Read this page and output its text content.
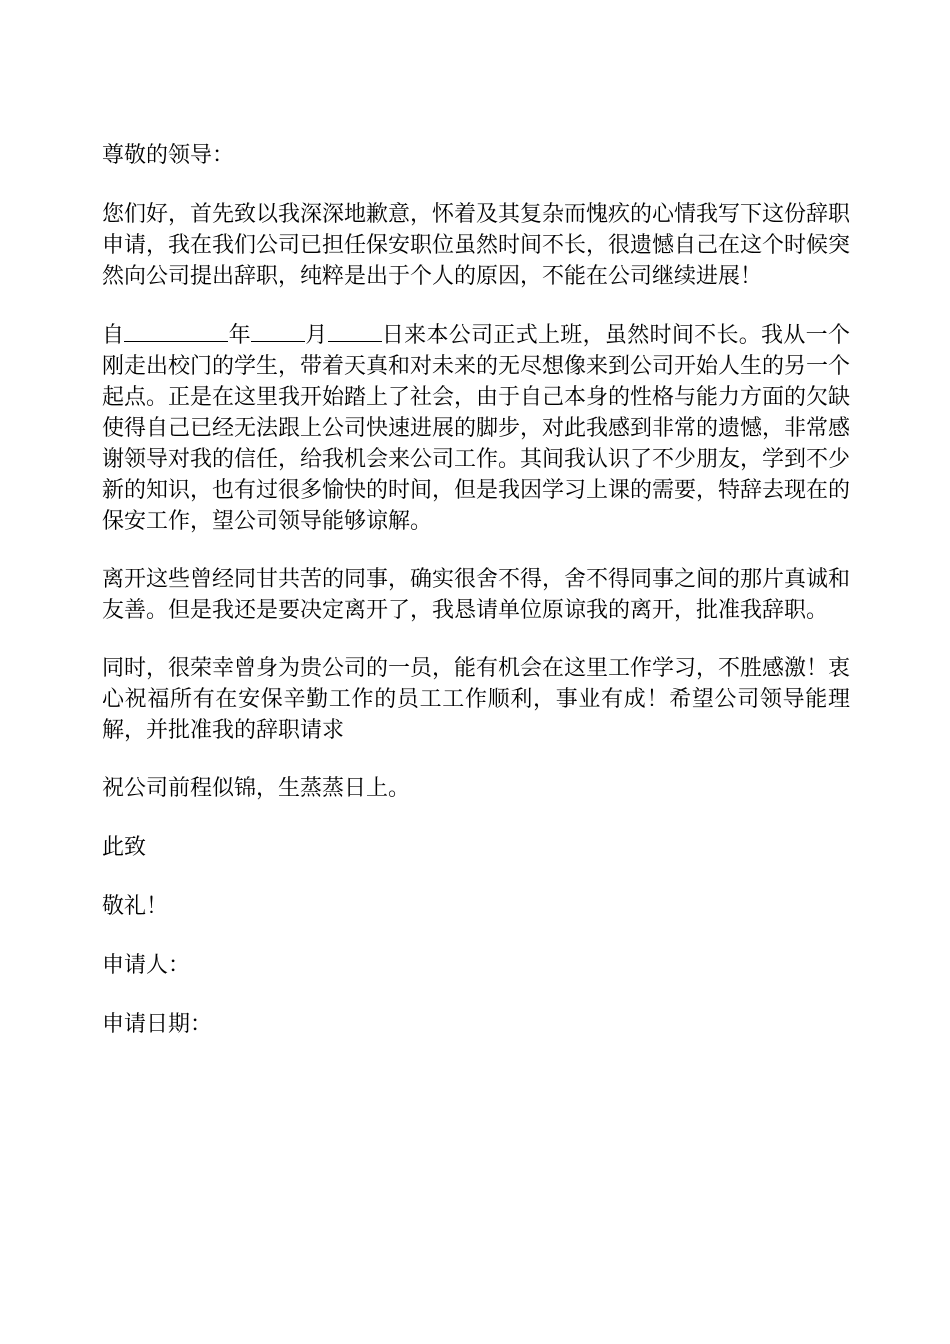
尊敬的领导：

您们好，首先致以我深深地歉意，怀着及其复杂而愧疚的心情我写下这份辞职申请，我在我们公司已担任保安职位虽然时间不长，很遗憾自己在这个时候突然向公司提出辞职，纯粹是出于个人的原因，不能在公司继续进展！

自	年 月 日来本公司正式上班，虽然时间不长。我从一个刚走出校门的学生，带着天真和对未来的无尽想像来到公司开始人生的另一个起点。正是在这里我开始踏上了社会，由于自己本身的性格与能力方面的欠缺使得自己已经无法跟上公司快速进展的脚步，对此我感到非常的遗憾，非常感谢领导对我的信任，给我机会来公司工作。其间我认识了不少朋友，学到不少新的知识，也有过很多愉快的时间，但是我因学习上课的需要，特辞去现在的保安工作，望公司领导能够谅解。

离开这些曾经同甘共苦的同事，确实很舍不得，舍不得同事之间的那片真诚和友善。但是我还是要决定离开了，我恳请单位原谅我的离开，批准我辞职。

同时，很荣幸曾身为贵公司的一员，能有机会在这里工作学习，不胜感激！衷心祝福所有在安保辛勤工作的员工工作顺利，事业有成！希望公司领导能理解，并批准我的辞职请求

祝公司前程似锦，生蒸蒸日上。

此致

敬礼！

申请人：

申请日期：
